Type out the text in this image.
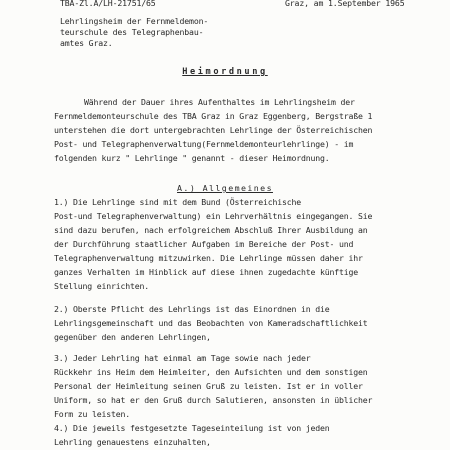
TBA-Zl.A/LH-21751/65	Graz, am 1.September 1965
Lehrlingsheim der Fernmeldemon-
teurschule des Telegraphenbau-
amtes Graz.
Heimordnung
Während der Dauer ihres Aufenthaltes im Lehrlingsheim der
Fernmeldemonteurschule des TBA Graz in Graz Eggenberg, Bergstraße 1
unterstehen die dort untergebrachten Lehrlinge der Österreichischen
Post- und Telegraphenverwaltung(Fernmeldemonteurlehrlinge) - im
folgenden kurz " Lehrlinge " genannt - dieser Heimordnung.
A.) Allgemeines
1.) Die Lehrlinge sind mit dem Bund (Österreichische
Post-und Telegraphenverwaltung) ein Lehrverhältnis eingegangen. Sie
sind dazu berufen, nach erfolgreichem Abschluß Ihrer Ausbildung an
der Durchführung staatlicher Aufgaben im Bereiche der Post- und
Telegraphenverwaltung mitzuwirken. Die Lehrlinge müssen daher ihr
ganzes Verhalten im Hinblick auf diese ihnen zugedachte künftige
Stellung einrichten.
2.) Oberste Pflicht des Lehrlings ist das Einordnen in die
Lehrlingsgemeinschaft und das Beobachten von Kameradschaftlichkeit
gegenüber den anderen Lehrlingen,
3.) Jeder Lehrling hat einmal am Tage sowie nach jeder
Rückkehr ins Heim dem Heimleiter, den Aufsichten und dem sonstigen
Personal der Heimleitung seinen Gruß zu leisten. Ist er in voller
Uniform, so hat er den Gruß durch Salutieren, ansonsten in üblicher
Form zu leisten.
4.) Die jeweils festgesetzte Tageseinteilung ist von jeden
Lehrling genauestens einzuhalten,
